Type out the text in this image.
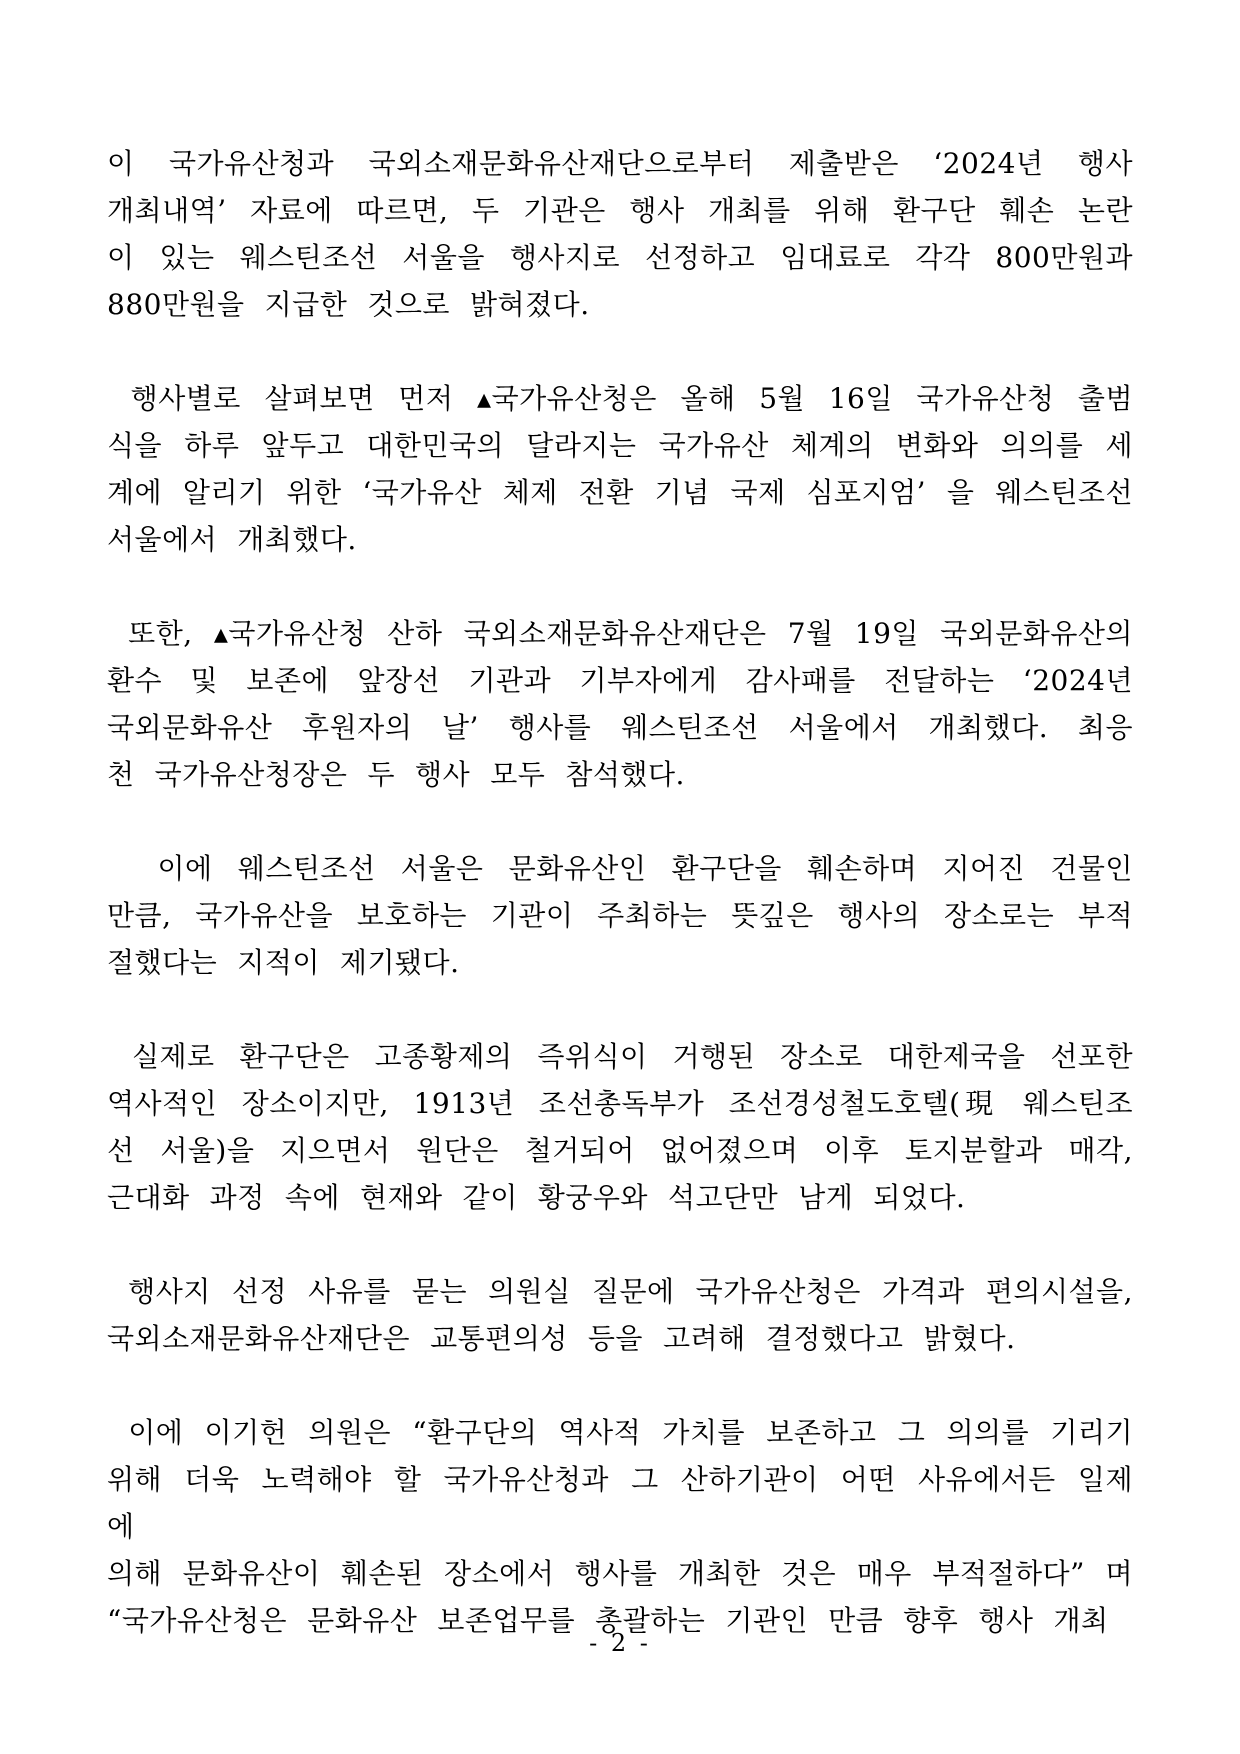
이 국가유산청과 국외소재문화유산재단으로부터 제출받은 ‘2024년 행사
개최내역’ 자료에 따르면, 두 기관은 행사 개최를 위해 환구단 훼손 논란
이 있는 웨스틴조선 서울을 행사지로 선정하고 임대료로 각각 800만원과
880만원을 지급한 것으로 밝혀졌다.
행사별로 살펴보면 먼저 ▴국가유산청은 올해 5월 16일 국가유산청 출범
식을 하루 앞두고 대한민국의 달라지는 국가유산 체계의 변화와 의의를 세
계에 알리기 위한 ‘국가유산 체제 전환 기념 국제 심포지엄’ 을 웨스틴조선
서울에서 개최했다.
또한, ▴국가유산청 산하 국외소재문화유산재단은 7월 19일 국외문화유산의
환수 및 보존에 앞장선 기관과 기부자에게 감사패를 전달하는 ‘2024년
국외문화유산 후원자의 날’ 행사를 웨스틴조선 서울에서 개최했다. 최응
천 국가유산청장은 두 행사 모두 참석했다.
이에 웨스틴조선 서울은 문화유산인 환구단을 훼손하며 지어진 건물인
만큼, 국가유산을 보호하는 기관이 주최하는 뜻깊은 행사의 장소로는 부적
절했다는 지적이 제기됐다.
실제로 환구단은 고종황제의 즉위식이 거행된 장소로 대한제국을 선포한
역사적인 장소이지만, 1913년 조선총독부가 조선경성철도호텔(現 웨스틴조
선 서울)을 지으면서 원단은 철거되어 없어졌으며 이후 토지분할과 매각,
근대화 과정 속에 현재와 같이 황궁우와 석고단만 남게 되었다.
행사지 선정 사유를 묻는 의원실 질문에 국가유산청은 가격과 편의시설을,
국외소재문화유산재단은 교통편의성 등을 고려해 결정했다고 밝혔다.
이에 이기헌 의원은 “환구단의 역사적 가치를 보존하고 그 의의를 기리기
위해 더욱 노력해야 할 국가유산청과 그 산하기관이 어떤 사유에서든 일제에
의해 문화유산이 훼손된 장소에서 행사를 개최한 것은 매우 부적절하다” 며
“국가유산청은 문화유산 보존업무를 총괄하는 기관인 만큼 향후 행사 개최
- 2 -
